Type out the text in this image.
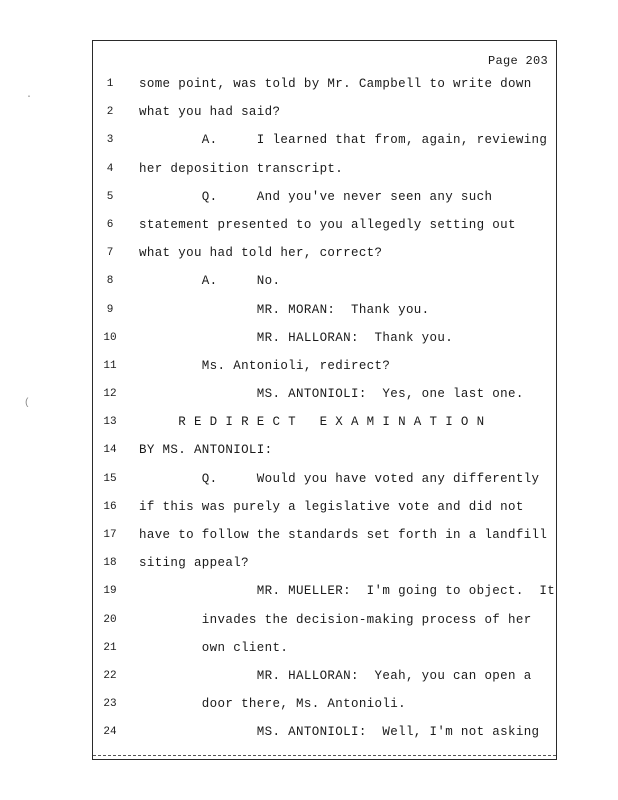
Page 203
1	some point, was told by Mr. Campbell to write down
2	what you had said?
3	A.     I learned that from, again, reviewing
4	her deposition transcript.
5	Q.     And you've never seen any such
6	statement presented to you allegedly setting out
7	what you had told her, correct?
8	A.     No.
9	MR. MORAN:  Thank you.
10	MR. HALLORAN:  Thank you.
11	Ms. Antonioli, redirect?
12	MS. ANTONIOLI:  Yes, one last one.
13	R E D I R E C T   E X A M I N A T I O N
14	BY MS. ANTONIOLI:
15	Q.     Would you have voted any differently
16	if this was purely a legislative vote and did not
17	have to follow the standards set forth in a landfill
18	siting appeal?
19	MR. MUELLER:  I'm going to object.  It
20	invades the decision-making process of her
21	own client.
22	MR. HALLORAN:  Yeah, you can open a
23	door there, Ms. Antonioli.
24	MS. ANTONIOLI:  Well, I'm not asking
·
(
